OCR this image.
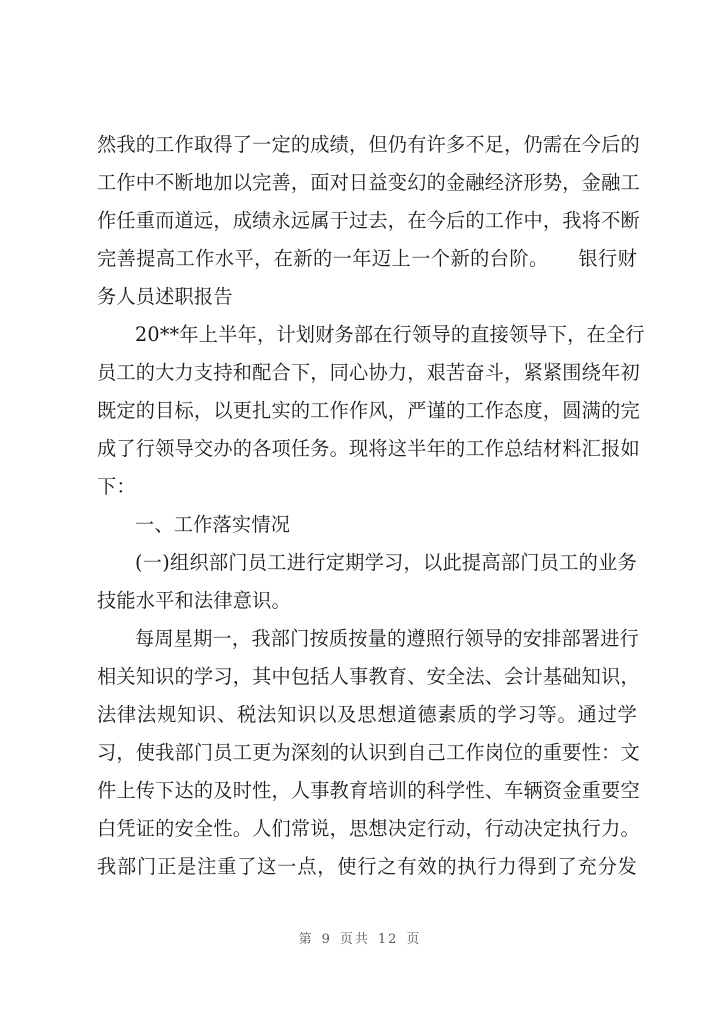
然我的工作取得了一定的成绩，但仍有许多不足，仍需在今后的
工作中不断地加以完善，面对日益变幻的金融经济形势，金融工
作任重而道远，成绩永远属于过去，在今后的工作中，我将不断
完善提高工作水平，在新的一年迈上一个新的台阶。　　银行财
务人员述职报告
20**年上半年，计划财务部在行领导的直接领导下，在全行
员工的大力支持和配合下，同心协力，艰苦奋斗，紧紧围绕年初
既定的目标，以更扎实的工作作风，严谨的工作态度，圆满的完
成了行领导交办的各项任务。现将这半年的工作总结材料汇报如
下：
一、工作落实情况
(一)组织部门员工进行定期学习，以此提高部门员工的业务
技能水平和法律意识。
每周星期一，我部门按质按量的遵照行领导的安排部署进行
相关知识的学习，其中包括人事教育、安全法、会计基础知识，
法律法规知识、税法知识以及思想道德素质的学习等。通过学
习，使我部门员工更为深刻的认识到自己工作岗位的重要性：文
件上传下达的及时性，人事教育培训的科学性、车辆资金重要空
白凭证的安全性。人们常说，思想决定行动，行动决定执行力。
我部门正是注重了这一点，使行之有效的执行力得到了充分发
第 9 页共 12 页
